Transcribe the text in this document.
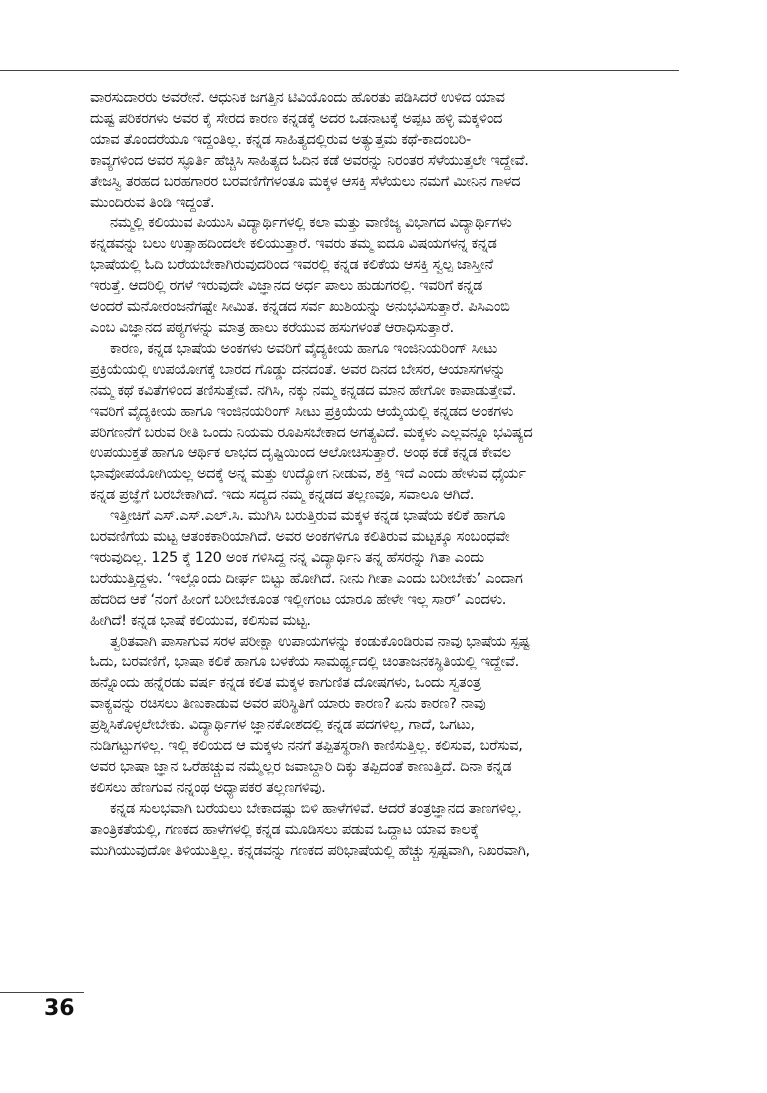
ವಾರಸುದಾರರು ಅವರೇನೆ. ಆಧುನಿಕ ಜಗತ್ತಿನ ಟಿವಿಯೊಂದು ಹೊರತು ಪಡಿಸಿದರೆ ಉಳಿದ ಯಾವ
ದುಷ್ಟ ಪರಿಕರಗಳು ಅವರ ಕೈ ಸೇರದ ಕಾರಣ ಕನ್ನಡಕ್ಕೆ ಅದರ ಒಡನಾಟಕ್ಕೆ ಅಪ್ಪಟ ಹಳ್ಳಿ ಮಕ್ಕಳಿಂದ
ಯಾವ ತೊಂದರೆಯೂ ಇದ್ದಂತಿಲ್ಲ. ಕನ್ನಡ ಸಾಹಿತ್ಯದಲ್ಲಿರುವ ಅತ್ಯುತ್ತಮ ಕಥೆ-ಕಾದಂಬರಿ-
ಕಾವ್ಯಗಳಿಂದ ಅವರ ಸ್ಫೂರ್ತಿ ಹೆಚ್ಚಿಸಿ ಸಾಹಿತ್ಯದ ಓದಿನ ಕಡೆ ಅವರನ್ನು ನಿರಂತರ ಸೆಳೆಯುತ್ತಲೇ ಇದ್ದೇವೆ.
ತೇಜಸ್ವಿ ತರಹದ ಬರಹಗಾರರ ಬರವಣಿಗೆಗಳಂತೂ ಮಕ್ಕಳ ಆಸಕ್ತಿ ಸೆಳೆಯಲು ನಮಗೆ ಮೀನಿನ ಗಾಳದ
ಮುಂದಿರುವ ತಿಂಡಿ ಇದ್ದಂತೆ.
ನಮ್ಮಲ್ಲಿ ಕಲಿಯುವ ಪಿಯುಸಿ ವಿದ್ಯಾರ್ಥಿಗಳಲ್ಲಿ ಕಲಾ ಮತ್ತು ವಾಣಿಜ್ಯ ವಿಭಾಗದ ವಿದ್ಯಾರ್ಥಿಗಳು
ಕನ್ನಡವನ್ನು ಬಲು ಉತ್ಸಾಹದಿಂದಲೇ ಕಲಿಯುತ್ತಾರೆ. ಇವರು ತಮ್ಮ ಐದೂ ವಿಷಯಗಳನ್ನ ಕನ್ನಡ
ಭಾಷೆಯಲ್ಲಿ ಓದಿ ಬರೆಯಬೇಕಾಗಿರುವುದರಿಂದ ಇವರಲ್ಲಿ ಕನ್ನಡ ಕಲಿಕೆಯ ಆಸಕ್ತಿ ಸ್ವಲ್ಪ ಜಾಸ್ತೀನೆ
ಇರುತ್ತೆ. ಆದರಿಲ್ಲಿ ರಗಳೆ ಇರುವುದೇ ವಿಜ್ಞಾನದ ಅರ್ಧ ಪಾಲು ಹುಡುಗರಲ್ಲಿ. ಇವರಿಗೆ ಕನ್ನಡ
ಅಂದರೆ ಮನೋರಂಜನೆಗಷ್ಟೇ ಸೀಮಿತ. ಕನ್ನಡದ ಸರ್ವ ಖುಶಿಯನ್ನು ಅನುಭವಿಸುತ್ತಾರೆ. ಪಿಸಿಎಂಬಿ
ಎಂಬ ವಿಜ್ಞಾನದ ಪಠ್ಯಗಳನ್ನು ಮಾತ್ರ ಹಾಲು ಕರೆಯುವ ಹಸುಗಳಂತೆ ಆರಾಧಿಸುತ್ತಾರೆ.
ಕಾರಣ, ಕನ್ನಡ ಭಾಷೆಯ ಅಂಕಗಳು ಅವರಿಗೆ ವೈದ್ಯಕೀಯ ಹಾಗೂ ಇಂಜಿನಿಯರಿಂಗ್ ಸೀಟು
ಪ್ರಕ್ರಿಯೆಯಲ್ಲಿ ಉಪಯೋಗಕ್ಕೆ ಬಾರದ ಗೊಡ್ಡು ದನದಂತೆ. ಅವರ ದಿನದ ಬೇಸರ, ಆಯಾಸಗಳನ್ನು
ನಮ್ಮ ಕಥೆ ಕವಿತೆಗಳಿಂದ ತಣಿಸುತ್ತೇವೆ. ನಗಿಸಿ, ನಕ್ಕು ನಮ್ಮ ಕನ್ನಡದ ಮಾನ ಹೇಗೋ ಕಾಪಾಡುತ್ತೇವೆ.
ಇವರಿಗೆ ವೈದ್ಯಕೀಯ ಹಾಗೂ ಇಂಜಿನಯರಿಂಗ್ ಸೀಟು ಪ್ರಕ್ರಿಯೆಯ ಆಯ್ಕೆಯಲ್ಲಿ ಕನ್ನಡದ ಅಂಕಗಳು
ಪರಿಗಣನೆಗೆ ಬರುವ ರೀತಿ ಒಂದು ನಿಯಮ ರೂಪಿಸಬೇಕಾದ ಅಗತ್ಯವಿದೆ. ಮಕ್ಕಳು ಎಲ್ಲವನ್ನೂ ಭವಿಷ್ಯದ
ಉಪಯುಕ್ತತೆ ಹಾಗೂ ಆರ್ಥಿಕ ಲಾಭದ ದೃಷ್ಟಿಯಿಂದ ಆಲೋಚಿಸುತ್ತಾರೆ. ಅಂಥ ಕಡೆ ಕನ್ನಡ ಕೇವಲ
ಭಾವೋಪಯೋಗಿಯಲ್ಲ ಅದಕ್ಕೆ ಅನ್ನ ಮತ್ತು ಉದ್ಯೋಗ ನೀಡುವ, ಶಕ್ತಿ ಇದೆ ಎಂದು ಹೇಳುವ ಧೈರ್ಯ
ಕನ್ನಡ ಪ್ರಜ್ಞೆಗೆ ಬರಬೇಕಾಗಿದೆ. ಇದು ಸದ್ಯದ ನಮ್ಮ ಕನ್ನಡದ ತಲ್ಲಣವೂ, ಸವಾಲೂ ಆಗಿದೆ.
ಇತ್ತೀಚಿಗೆ ಎಸ್.ಎಸ್.ಎಲ್.ಸಿ. ಮುಗಿಸಿ ಬರುತ್ತಿರುವ ಮಕ್ಕಳ ಕನ್ನಡ ಭಾಷೆಯ ಕಲಿಕೆ ಹಾಗೂ
ಬರವಣಿಗೆಯ ಮಟ್ಟ ಆತಂಕಕಾರಿಯಾಗಿದೆ. ಅವರ ಅಂಕಗಳಿಗೂ ಕಲಿತಿರುವ ಮಟ್ಟಕ್ಕೂ ಸಂಬಂಧವೇ
ಇರುವುದಿಲ್ಲ. 125 ಕ್ಕೆ 120 ಅಂಕ ಗಳಿಸಿದ್ದ ನನ್ನ ವಿದ್ಯಾರ್ಥಿನಿ ತನ್ನ ಹೆಸರನ್ನು ಗಿತಾ ಎಂದು
ಬರೆಯುತ್ತಿದ್ದಳು. ‘ಇಲ್ಲೊಂದು ದೀರ್ಘ ಬಿಟ್ಟು ಹೋಗಿದೆ. ನೀನು ಗೀತಾ ಎಂದು ಬರೀಬೇಕು’ ಎಂದಾಗ
ಹೆದರಿದ ಆಕೆ ‘ನಂಗೆ ಹೀಂಗೆ ಬರೀಬೇಕೂಂತ ಇಲ್ಲೀಗಂಟ ಯಾರೂ ಹೇಳೇ ಇಲ್ಲ ಸಾರ್’ ಎಂದಳು.
ಹೀಗಿದೆ! ಕನ್ನಡ ಭಾಷೆ ಕಲಿಯುವ, ಕಲಿಸುವ ಮಟ್ಟ.
ತ್ವರಿತವಾಗಿ ಪಾಸಾಗುವ ಸರಳ ಪರೀಕ್ಷಾ ಉಪಾಯಗಳನ್ನು ಕಂಡುಕೊಂಡಿರುವ ನಾವು ಭಾಷೆಯ ಸ್ಪಷ್ಟ
ಓದು, ಬರವಣಿಗೆ, ಭಾಷಾ ಕಲಿಕೆ ಹಾಗೂ ಬಳಕೆಯ ಸಾಮರ್ಥ್ಯದಲ್ಲಿ ಚಿಂತಾಜನಕಸ್ಥಿತಿಯಲ್ಲಿ ಇದ್ದೇವೆ.
ಹನ್ನೊಂದು ಹನ್ನೆರಡು ವರ್ಷ ಕನ್ನಡ ಕಲಿತ ಮಕ್ಕಳ ಕಾಗುಣಿತ ದೋಷಗಳು, ಒಂದು ಸ್ವತಂತ್ರ
ವಾಕ್ಯವನ್ನು ರಚಿಸಲು ತಿಣುಕಾಡುವ ಅವರ ಪರಿಸ್ಥಿತಿಗೆ ಯಾರು ಕಾರಣ? ಏನು ಕಾರಣ? ನಾವು
ಪ್ರಶ್ನಿಸಿಕೊಳ್ಳಲೇಬೇಕು. ವಿದ್ಯಾರ್ಥಿಗಳ ಜ್ಞಾನಕೋಶದಲ್ಲಿ ಕನ್ನಡ ಪದಗಳಿಲ್ಲ, ಗಾದೆ, ಒಗಟು,
ನುಡಿಗಟ್ಟುಗಳಿಲ್ಲ. ಇಲ್ಲಿ ಕಲಿಯದ ಆ ಮಕ್ಕಳು ನನಗೆ ತಪ್ಪಿತಸ್ಥರಾಗಿ ಕಾಣಿಸುತ್ತಿಲ್ಲ. ಕಲಿಸುವ, ಬರೆಸುವ,
ಅವರ ಭಾಷಾ ಜ್ಞಾನ ಒರೆಹಚ್ಚುವ ನಮ್ಮೆಲ್ಲರ ಜವಾಬ್ದಾರಿ ದಿಕ್ಕು ತಪ್ಪಿದಂತೆ ಕಾಣುತ್ತಿದೆ. ದಿನಾ ಕನ್ನಡ
ಕಲಿಸಲು ಹೆಣಗುವ ನನ್ನಂಥ ಅಧ್ಯಾಪಕರ ತಲ್ಲಣಗಳಿವು.
ಕನ್ನಡ ಸುಲಭವಾಗಿ ಬರೆಯಲು ಬೇಕಾದಷ್ಟು ಬಿಳಿ ಹಾಳೆಗಳಿವೆ. ಆದರೆ ತಂತ್ರಜ್ಞಾನದ ತಾಣಗಳಿಲ್ಲ.
ತಾಂತ್ರಿಕತೆಯಲ್ಲಿ, ಗಣಕದ ಹಾಳೆಗಳಲ್ಲಿ ಕನ್ನಡ ಮೂಡಿಸಲು ಪಡುವ ಒದ್ದಾಟ ಯಾವ ಕಾಲಕ್ಕೆ
ಮುಗಿಯುವುದೋ ತಿಳಿಯುತ್ತಿಲ್ಲ. ಕನ್ನಡವನ್ನು ಗಣಕದ ಪರಿಭಾಷೆಯಲ್ಲಿ ಹೆಚ್ಚು ಸ್ಪಷ್ಟವಾಗಿ, ನಿಖರವಾಗಿ,
36
